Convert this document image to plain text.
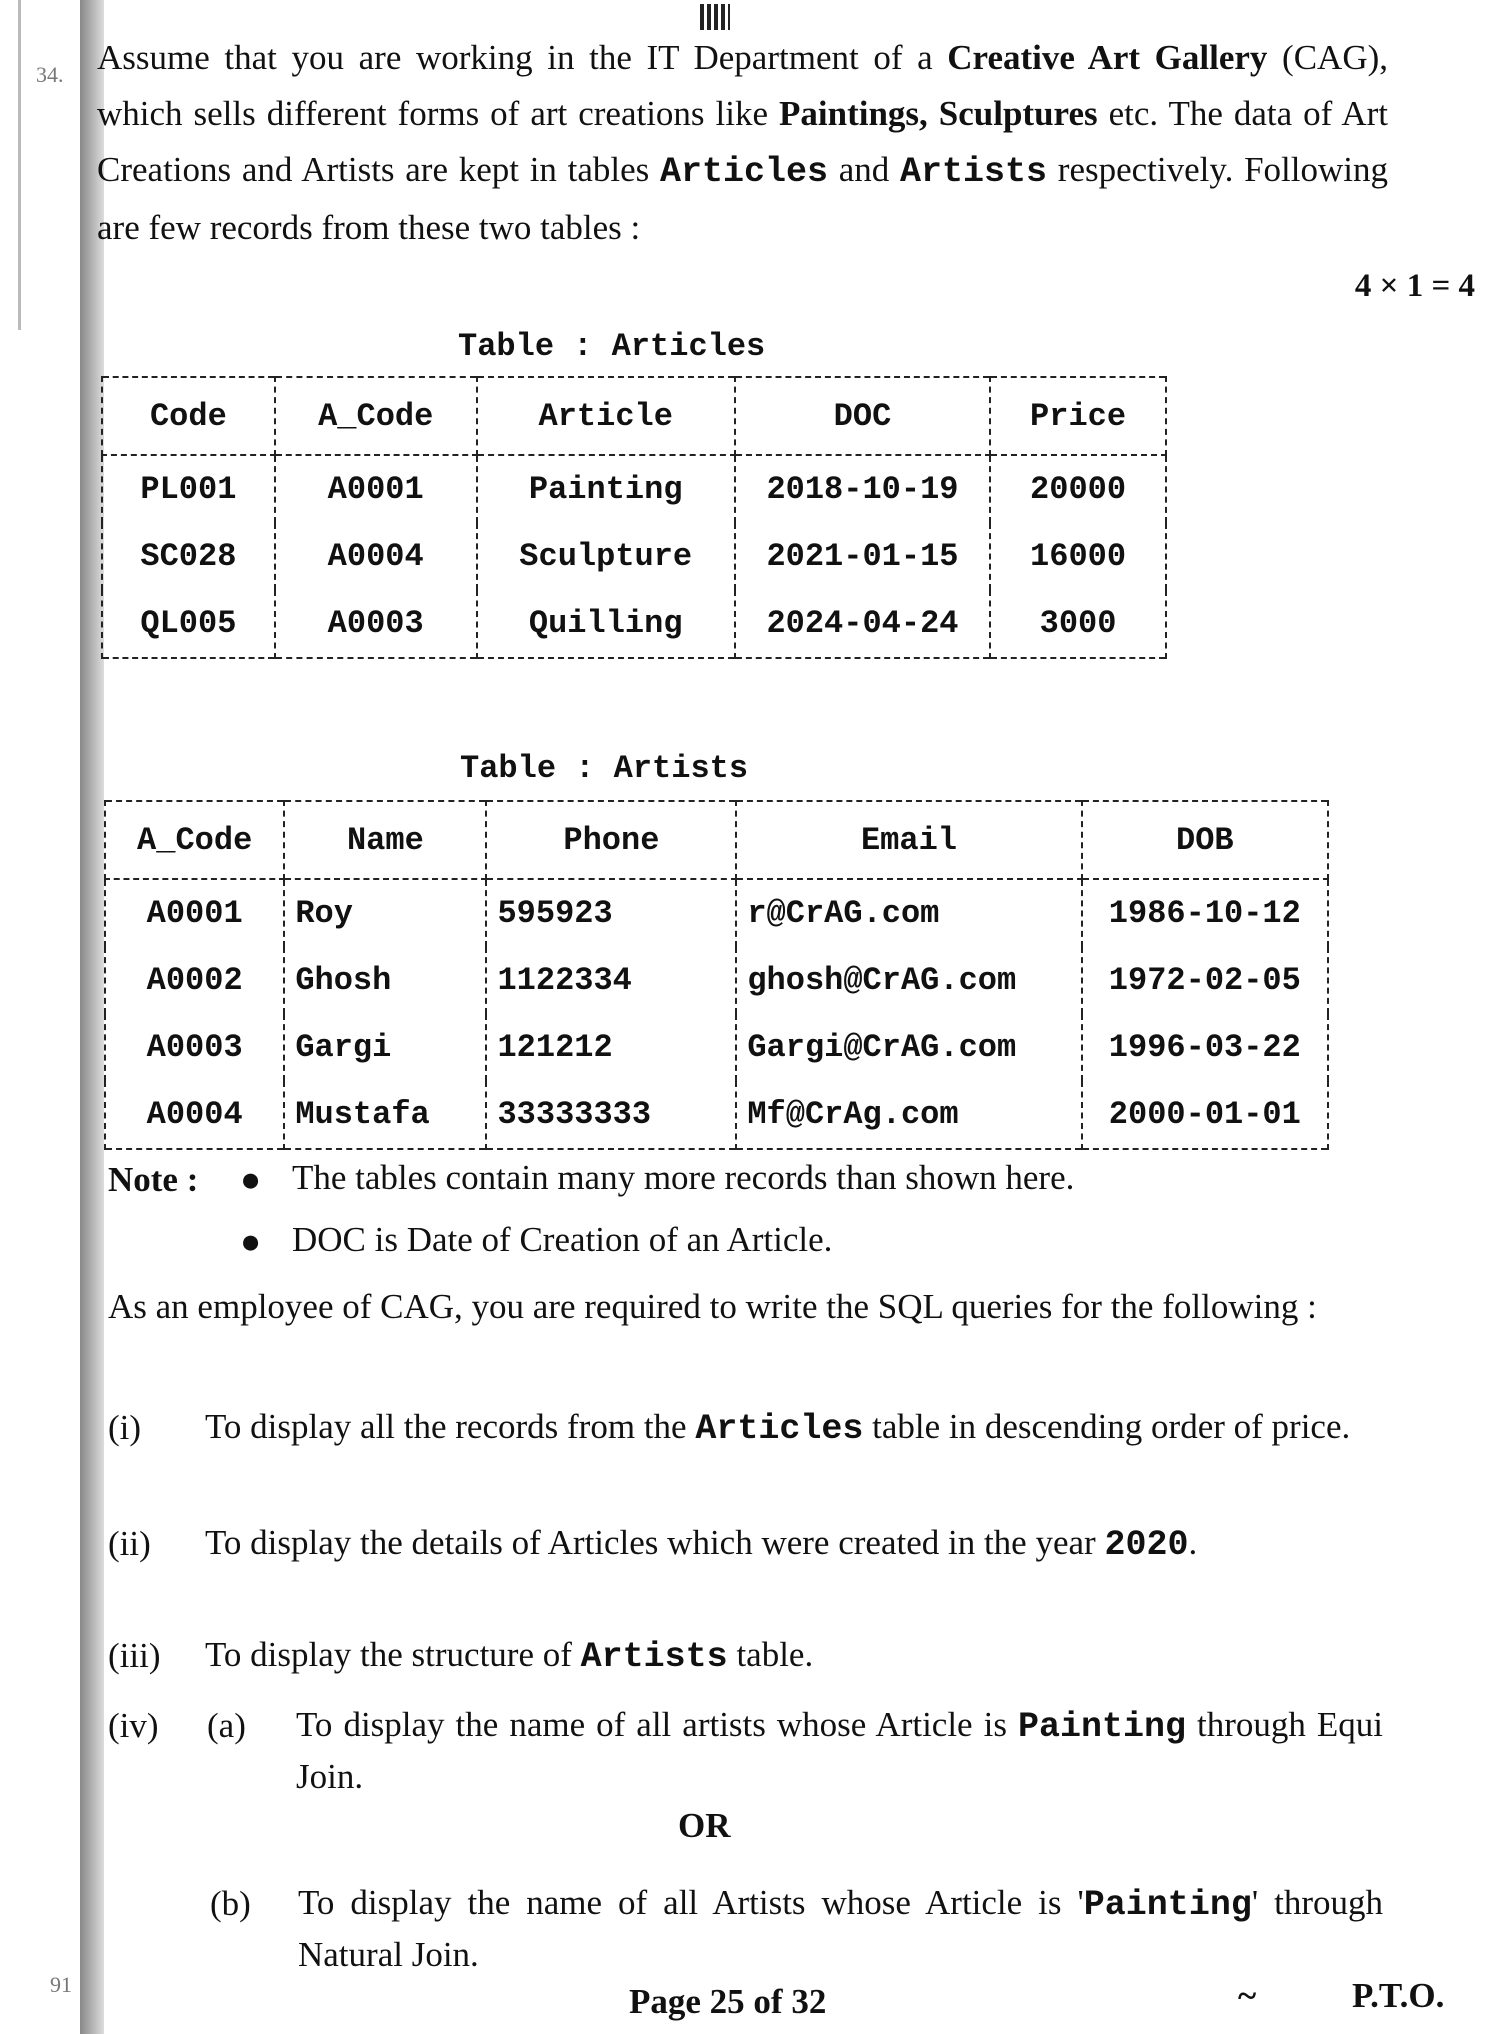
34. Assume that you are working in the IT Department of a Creative Art Gallery (CAG), which sells different forms of art creations like Paintings, Sculptures etc. The data of Art Creations and Artists are kept in tables Articles and Artists respectively. Following are few records from these two tables :
4 × 1 = 4
Table : Articles
Code	A_Code	Article	DOC	Price
PL001	A0001	Painting	2018-10-19	20000
SC028	A0004	Sculpture	2021-01-15	16000
QL005	A0003	Quilling	2024-04-24	3000
Table : Artists
A_Code	Name	Phone	Email	DOB
A0001	Roy	595923	r@CrAG.com	1986-10-12
A0002	Ghosh	1122334	ghosh@CrAG.com	1972-02-05
A0003	Gargi	121212	Gargi@CrAG.com	1996-03-22
A0004	Mustafa	33333333	Mf@CrAg.com	2000-01-01
Note : ● The tables contain many more records than shown here.
● DOC is Date of Creation of an Article.
As an employee of CAG, you are required to write the SQL queries for the following :
(i) To display all the records from the Articles table in descending order of price.
(ii) To display the details of Articles which were created in the year 2020.
(iii) To display the structure of Artists table.
(iv) (a) To display the name of all artists whose Article is Painting through Equi Join.
OR
(b) To display the name of all Artists whose Article is 'Painting' through Natural Join.
91	Page 25 of 32	~	P.T.O.
